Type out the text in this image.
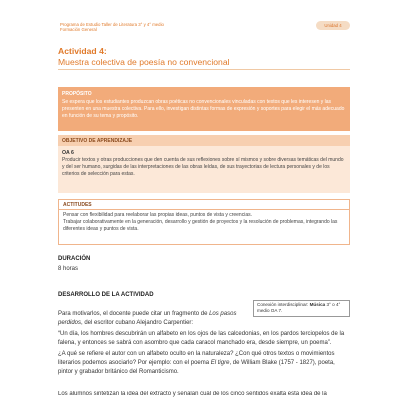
Programa de Estudio Taller de Literatura 3° y 4° medio
Formación General
Unidad 4
Actividad 4:
Muestra colectiva de poesía no convencional
PROPÓSITO
Se espera que los estudiantes produzcan obras poéticas no convencionales vinculadas con textos que les interesen y las presenten en una muestra colectiva. Para ello, investigan distintas formas de expresión y soportes para elegir el más adecuado en función de su tema y propósito.
OBJETIVO DE APRENDIZAJE
OA 6
Producir textos y otras producciones que den cuenta de sus reflexiones sobre sí mismos y sobre diversas temáticas del mundo y del ser humano, surgidas de las interpretaciones de las obras leídas, de sus trayectorias de lectura personales y de los criterios de selección para estas.
ACTITUDES
Pensar con flexibilidad para reelaborar las propias ideas, puntos de vista y creencias.
Trabajar colaborativamente en la generación, desarrollo y gestión de proyectos y la resolución de problemas, integrando las diferentes ideas y puntos de vista.
DURACIÓN
8 horas
DESARROLLO DE LA ACTIVIDAD
Conexión interdisciplinar: Música 3° o 4° medio OA 7.

Para motivarlos, el docente puede citar un fragmento de Los pasos perdidos, del escritor cubano Alejandro Carpentier:

“Un día, los hombres descubrirán un alfabeto en los ojos de las calcedonias, en los pardos terciopelos de la falena, y entonces se sabrá con asombro que cada caracol manchado era, desde siempre, un poema”.

¿A qué se refiere el autor con un alfabeto oculto en la naturaleza? ¿Con qué otros textos o movimientos literarios podemos asociarlo? Por ejemplo: con el poema El tigre, de William Blake (1757 - 1827), poeta, pintor y grabador británico del Romanticismo.

Los alumnos sintetizan la idea del extracto y señalan cuál de los cinco sentidos exalta esta idea de la
